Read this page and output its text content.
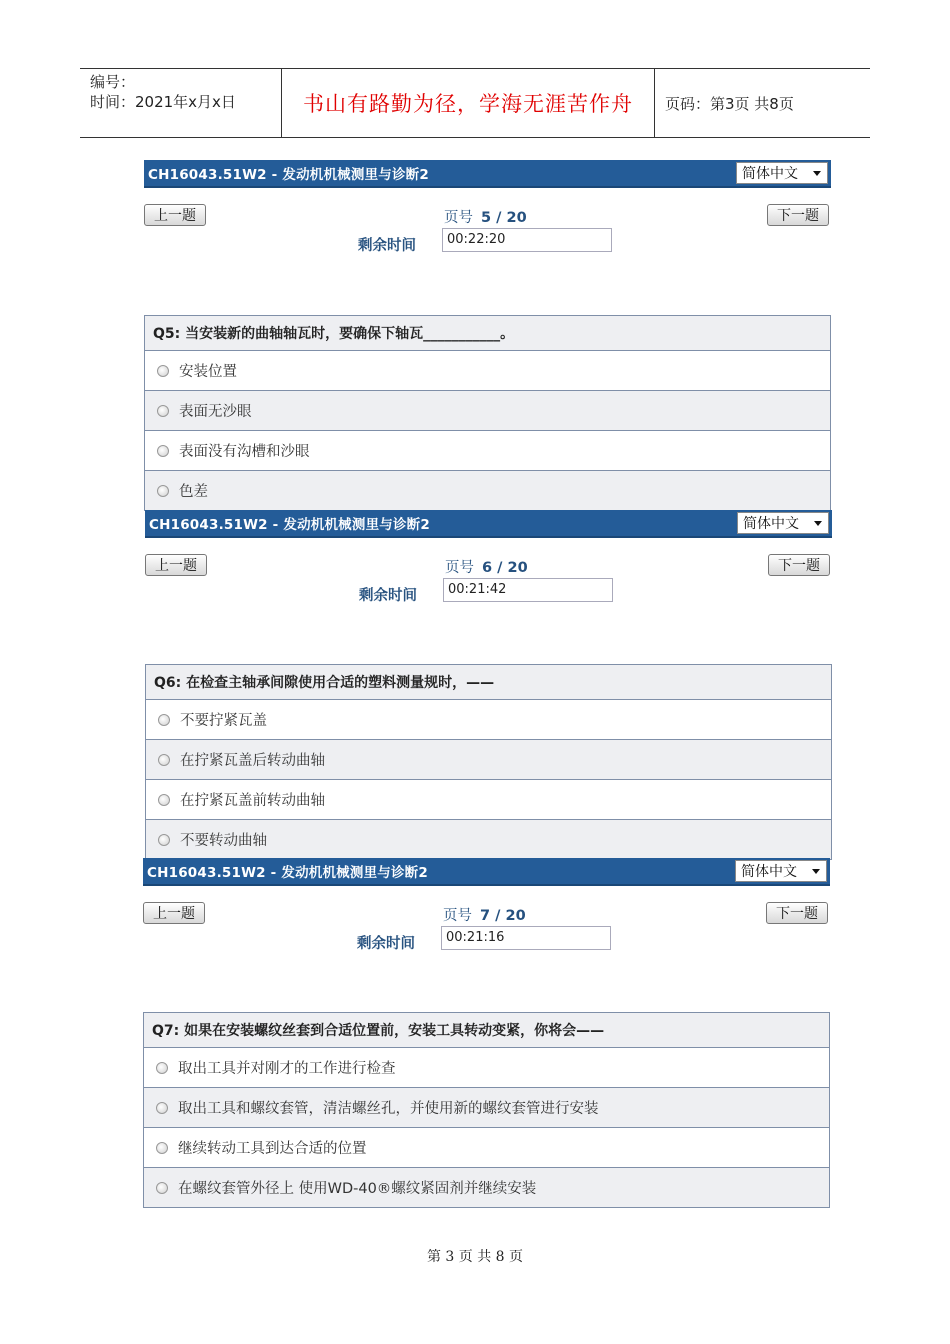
编号：
时间：2021年x月x日	书山有路勤为径，学海无涯苦作舟	页码：第3页 共8页
CH16043.51W2 - 发动机机械测里与诊断2	简体中文
上一题	页号 5 / 20	下一题
剩余时间	00:22:20
Q5: 当安装新的曲轴轴瓦时，要确保下轴瓦___________。
安装位置
表面无沙眼
表面没有沟槽和沙眼
色差
CH16043.51W2 - 发动机机械测里与诊断2	简体中文
上一题	页号 6 / 20	下一题
剩余时间	00:21:42
Q6: 在检查主轴承间隙使用合适的塑料测量规时，——
不要拧紧瓦盖
在拧紧瓦盖后转动曲轴
在拧紧瓦盖前转动曲轴
不要转动曲轴
CH16043.51W2 - 发动机机械测里与诊断2	简体中文
上一题	页号 7 / 20	下一题
剩余时间	00:21:16
Q7: 如果在安装螺纹丝套到合适位置前，安装工具转动变紧，你将会——
取出工具并对刚才的工作进行检查
取出工具和螺纹套管，清洁螺丝孔，并使用新的螺纹套管进行安装
继续转动工具到达合适的位置
在螺纹套管外径上 使用WD-40®螺纹紧固剂并继续安装
第 3 页 共 8 页
